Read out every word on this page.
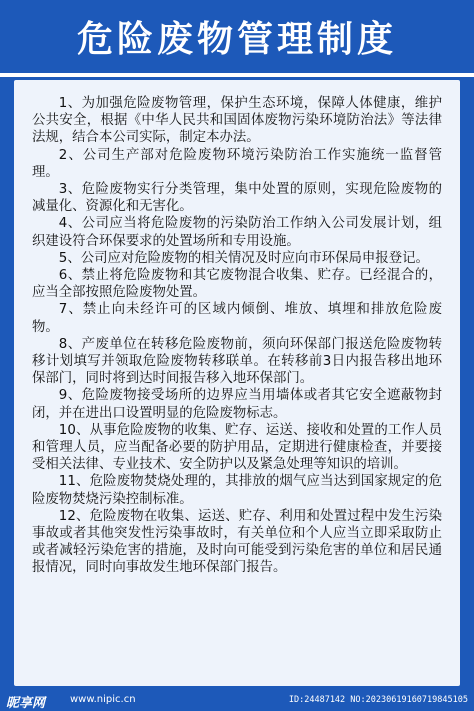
危险废物管理制度

1、为加强危险废物管理，保护生态环境，保障人体健康，维护公共安全，根据《中华人民共和国固体废物污染环境防治法》等法律法规，结合本公司实际，制定本办法。

2、公司生产部对危险废物环境污染防治工作实施统一监督管理。

3、危险废物实行分类管理，集中处置的原则，实现危险废物的减量化、资源化和无害化。

4、公司应当将危险废物的污染防治工作纳入公司发展计划，组织建设符合环保要求的处置场所和专用设施。

5、公司应对危险废物的相关情况及时应向市环保局申报登记。

6、禁止将危险废物和其它废物混合收集、贮存。已经混合的，应当全部按照危险废物处置。

7、禁止向未经许可的区域内倾倒、堆放、填埋和排放危险废物。

8、产废单位在转移危险废物前，须向环保部门报送危险废物转移计划填写并领取危险废物转移联单。在转移前3日内报告移出地环保部门，同时将到达时间报告移入地环保部门。

9、危险废物接受场所的边界应当用墙体或者其它安全遮蔽物封闭，并在进出口设置明显的危险废物标志。

10、从事危险废物的收集、贮存、运送、接收和处置的工作人员和管理人员，应当配备必要的防护用品，定期进行健康检查，并要接受相关法律、专业技术、安全防护以及紧急处理等知识的培训。

11、危险废物焚烧处理的，其排放的烟气应当达到国家规定的危险废物焚烧污染控制标准。

12、危险废物在收集、运送、贮存、利用和处置过程中发生污染事故或者其他突发性污染事故时，有关单位和个人应当立即采取防止或者减轻污染危害的措施，及时向可能受到污染危害的单位和居民通报情况，同时向事故发生地环保部门报告。

昵享网 www.nipic.cn	ID:24487142 NO:20230619160719845105
